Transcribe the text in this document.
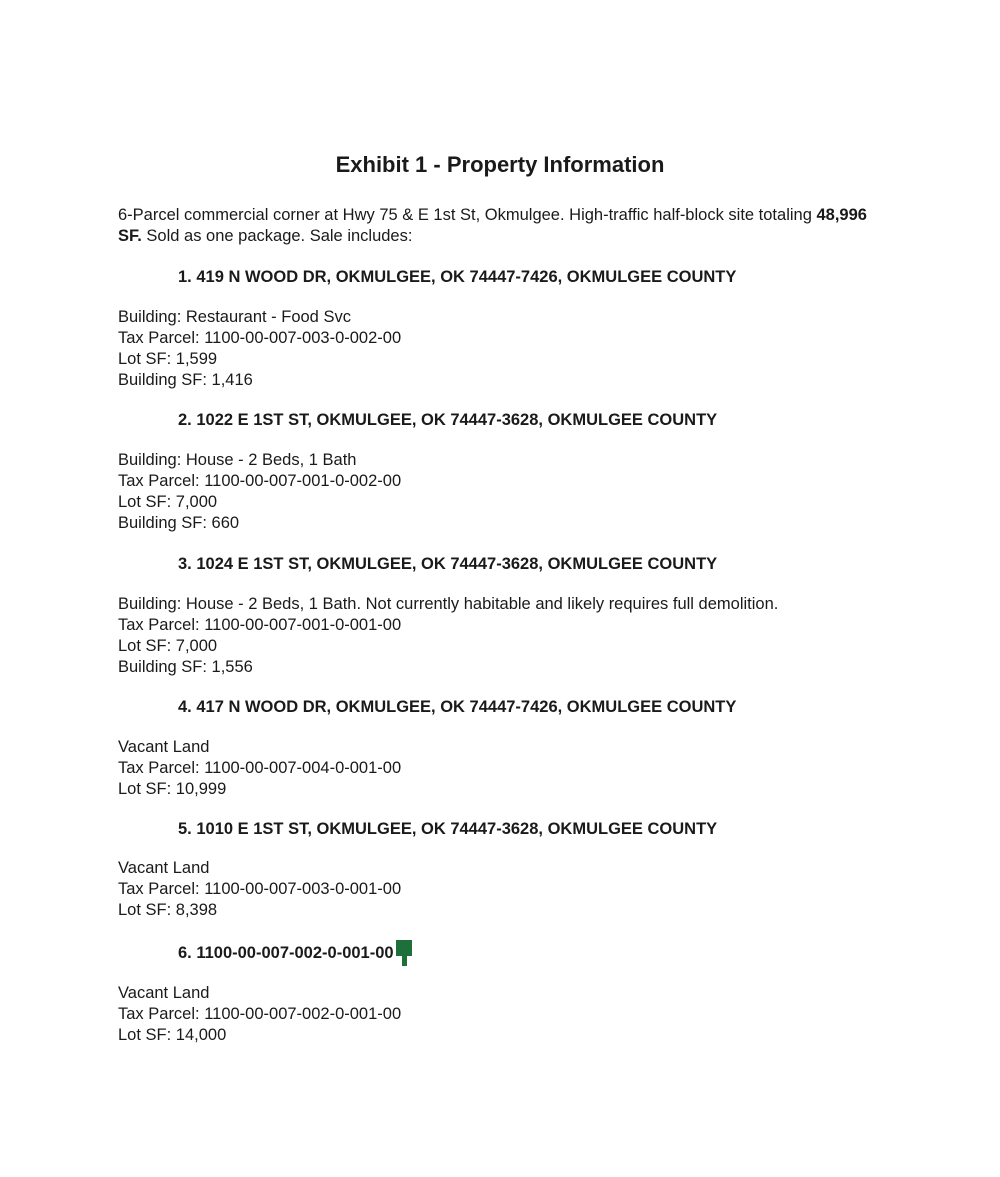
Exhibit 1 - Property Information
6-Parcel commercial corner at Hwy 75 & E 1st St, Okmulgee. High-traffic half-block site totaling 48,996 SF. Sold as one package. Sale includes:
1. 419 N WOOD DR, OKMULGEE, OK 74447-7426, OKMULGEE COUNTY
Building: Restaurant - Food Svc
Tax Parcel: 1100-00-007-003-0-002-00
Lot SF: 1,599
Building SF: 1,416
2. 1022 E 1ST ST, OKMULGEE, OK 74447-3628, OKMULGEE COUNTY
Building: House - 2 Beds, 1 Bath
Tax Parcel: 1100-00-007-001-0-002-00
Lot SF: 7,000
Building SF: 660
3. 1024 E 1ST ST, OKMULGEE, OK 74447-3628, OKMULGEE COUNTY
Building: House - 2 Beds, 1 Bath. Not currently habitable and likely requires full demolition.
Tax Parcel: 1100-00-007-001-0-001-00
Lot SF: 7,000
Building SF: 1,556
4. 417 N WOOD DR, OKMULGEE, OK 74447-7426, OKMULGEE COUNTY
Vacant Land
Tax Parcel: 1100-00-007-004-0-001-00
Lot SF: 10,999
5. 1010 E 1ST ST, OKMULGEE, OK 74447-3628, OKMULGEE COUNTY
Vacant Land
Tax Parcel: 1100-00-007-003-0-001-00
Lot SF: 8,398
6. 1100-00-007-002-0-001-00
Vacant Land
Tax Parcel: 1100-00-007-002-0-001-00
Lot SF: 14,000
